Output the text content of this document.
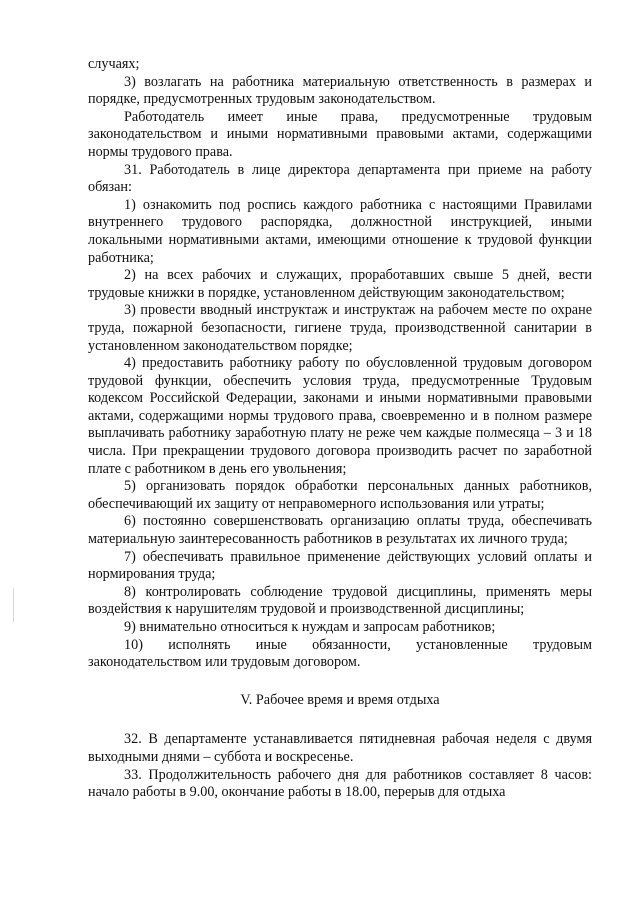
случаях;

3) возлагать на работника материальную ответственность в размерах и порядке, предусмотренных трудовым законодательством.

Работодатель имеет иные права, предусмотренные трудовым законодательством и иными нормативными правовыми актами, содержащими нормы трудового права.

31. Работодатель в лице директора департамента при приеме на работу обязан:

1) ознакомить под роспись каждого работника с настоящими Правилами внутреннего трудового распорядка, должностной инструкцией, иными локальными нормативными актами, имеющими отношение к трудовой функции работника;

2) на всех рабочих и служащих, проработавших свыше 5 дней, вести трудовые книжки в порядке, установленном действующим законодательством;

3) провести вводный инструктаж и инструктаж на рабочем месте по охране труда, пожарной безопасности, гигиене труда, производственной санитарии в установленном законодательством порядке;

4) предоставить работнику работу по обусловленной трудовым договором трудовой функции, обеспечить условия труда, предусмотренные Трудовым кодексом Российской Федерации, законами и иными нормативными правовыми актами, содержащими нормы трудового права, своевременно и в полном размере выплачивать работнику заработную плату не реже чем каждые полмесяца – 3 и 18 числа. При прекращении трудового договора производить расчет по заработной плате с работником в день его увольнения;

5) организовать порядок обработки персональных данных работников, обеспечивающий их защиту от неправомерного использования или утраты;

6) постоянно совершенствовать организацию оплаты труда, обеспечивать материальную заинтересованность работников в результатах их личного труда;

7) обеспечивать правильное применение действующих условий оплаты и нормирования труда;

8) контролировать соблюдение трудовой дисциплины, применять меры воздействия к нарушителям трудовой и производственной дисциплины;

9) внимательно относиться к нуждам и запросам работников;

10) исполнять иные обязанности, установленные трудовым законодательством или трудовым договором.

V. Рабочее время и время отдыха

32. В департаменте устанавливается пятидневная рабочая неделя с двумя выходными днями – суббота и воскресенье.

33. Продолжительность рабочего дня для работников составляет 8 часов: начало работы в 9.00, окончание работы в 18.00, перерыв для отдыха
